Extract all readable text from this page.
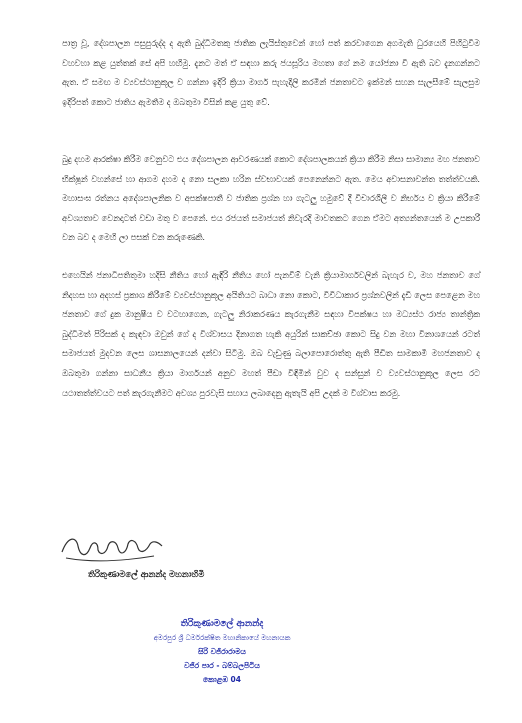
පාත්‍ර වූ, දේශපාලන පසුපුරුද්ද ද ඇති බුද්ධිමතකු ජාතික ලැයිස්තුවෙන් හෝ පත් කරවාගෙන අගමැති ධුරයෙහි පිහිටුවීම වහවහා කළ යුත්තක් සේ අපි හඟිමු. දැනට මත් ඒ සඳහා කරු ජයසූරිය මහතා ගේ නම යෝජනා වී ඇති බව දැනගන්නට ඇත. ඒ සමඟ ම ව්‍යවස්ථානුකූල ව ගන්නා ඉදිරි ක්‍රියා මාර්ග පැහැදිලි කරමින් ජනතාවට ඉක්මන් සහන සැලසීමේ සැලසුම ඉදිරිපත් කොට ජාතිය ඇමතීම ද ඔබතුමා විසින් කළ යුතු වේ.

බුදු දහම ආරක්ෂා කිරීම වෙනුවට එය දේශපාලන ආවරණයක් කොට දේශපාලකයන් ක්‍රියා කිරීම නිසා සාමාන්‍ය මහ ජනතාව භික්ෂූන් වහන්සේ හා ආගම දහම ද නො සලකා හරින ස්වභාවයක් පෙනෙන්නට ඇත. මෙය අවාසනාවන්ත තත්ත්වයකි. මහාසංඝ රත්නය අදේශපාලනික ව අපක්ෂපාතී ව ජාතික ප්‍රශ්න හා ගැටලු හමුවේ දී විචාරශීලී ව නිර්භය ව ක්‍රියා කිරීමේ අවශ්‍යතාව වෙනදාටත් වඩා මතු ව පෙනේ. එය රජයත් සමාජයත් නිවැරදි මාවතකට ගෙන ඒමට අත්‍යන්තයෙන් ම උපකාරී වන බව ද මෙහි ලා පසක් වන කරුණෙකි.

එහෙයින් ජනාධිපතිතුමා හදිසි නීතිය හෝ ඇඳිරි නීතිය හෝ පැනවීම් වැනි ක්‍රියාමාර්ගවලින් බැහැර ව, මහ ජනතාව ගේ නිදහස හා අදහස් ප්‍රකාශ කිරීමේ ව්‍යවස්ථානුකූල අයිතියට බාධා නො කොට, විවිධාකාර ප්‍රශ්නවලින් දැඩි ලෙස පෙළෙන මහ ජනතාව ගේ දුක මානුෂීය ව වටහාගෙන, ගැටලු නිරාකරණය කැරගැනීම සඳහා විපක්ෂය හා මධ්‍යස්ථ රාජ්‍ය තාන්ත්‍රික බුද්ධිමත් පිරිසක් ද කැඳවා ඔවුන් ගේ ද විශ්වාසය දිනාගත හැකි අයුරින් සාකච්ඡා කොට සිදු වන මහා විනාශයෙන් රටත් සමාජයත් මුදවන ලෙස ශාසනාලයෙන් දන්වා සිටිමු. ඔබ වැඩුණු බලාපොරොත්තු ඇති පීඩිත සාමකාමී මහජනතාව ද ඔබතුමා ගන්නා සාධනීය ක්‍රියා මාර්ගයන් අනුව මහත් පීඩා විඳිමින් වුව ද සන්සුන් ව ව්‍යවස්ථානුකූල ලෙස රට යථාතත්ත්වයට පත් කැරගැනීමට අවශ්‍ය පුරවැසි සහාය ලබාදෙනු ඇතැයි අපි උදක් ම විශ්වාස කරමු.

තිරිකුණාමලේ ආනන්ද මහනාහිමි
තිරිකුණාමලේ ආනන්ද
අමරපුර ශ්‍රී ධර්මරක්ෂිත මහානිකායේ මහනායක
සිරි වජිරාරාමය
වජිර පාර - බම්බලපිටිය
කොළඹ 04
